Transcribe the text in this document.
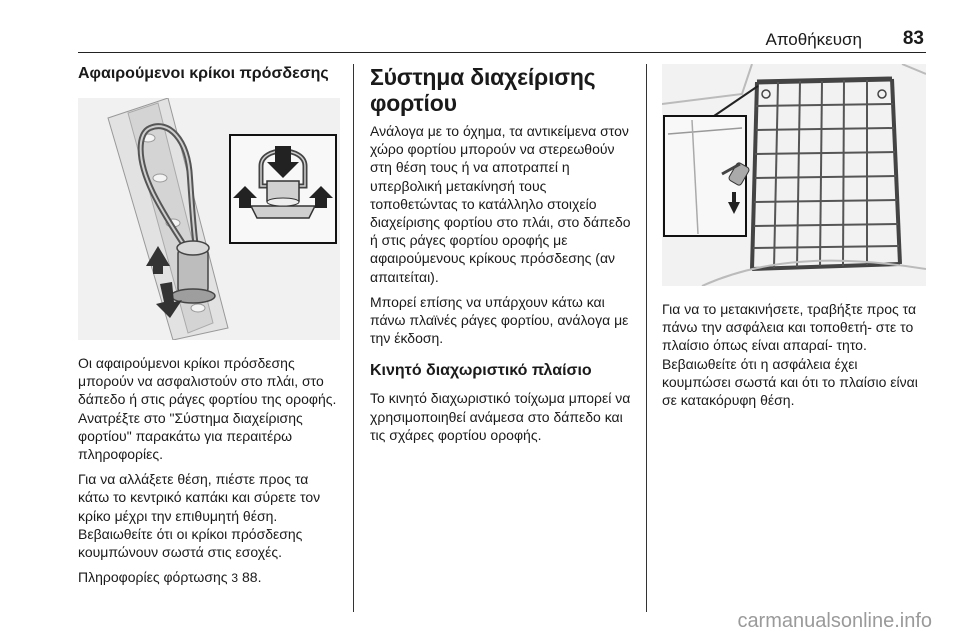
Αποθήκευση 83
Αφαιρούμενοι κρίκοι πρόσδεσης

Οι αφαιρούμενοι κρίκοι πρόσδεσης μπορούν να ασφαλιστούν στο πλάι, στο δάπεδο ή στις ράγες φορτίου της οροφής. Ανατρέξτε στο "Σύστημα διαχείρισης φορτίου" παρακάτω για περαιτέρω πληροφορίες.

Για να αλλάξετε θέση, πιέστε προς τα κάτω το κεντρικό καπάκι και σύρετε τον κρίκο μέχρι την επιθυμητή θέση. Βεβαιωθείτε ότι οι κρίκοι πρόσδεσης κουμπώνουν σωστά στις εσοχές.

Πληροφορίες φόρτωσης 3 88.

Σύστημα διαχείρισης φορτίου

Ανάλογα με το όχημα, τα αντικείμενα στον χώρο φορτίου μπορούν να στερεωθούν στη θέση τους ή να αποτραπεί η υπερβολική μετακίνησή τους τοποθετώντας το κατάλληλο στοιχείο διαχείρισης φορτίου στο πλάι, στο δάπεδο ή στις ράγες φορτίου οροφής με αφαιρούμενους κρίκους πρόσδεσης (αν απαιτείται).

Μπορεί επίσης να υπάρχουν κάτω και πάνω πλαϊνές ράγες φορτίου, ανάλογα με την έκδοση.

Κινητό διαχωριστικό πλαίσιο

Το κινητό διαχωριστικό τοίχωμα μπορεί να χρησιμοποιηθεί ανάμεσα στο δάπεδο και τις σχάρες φορτίου οροφής.

Για να το μετακινήσετε, τραβήξτε προς τα πάνω την ασφάλεια και τοποθετή- στε το πλαίσιο όπως είναι απαραί- τητο. Βεβαιωθείτε ότι η ασφάλεια έχει κουμπώσει σωστά και ότι το πλαίσιο είναι σε κατακόρυφη θέση.

carmanualsonline.info
